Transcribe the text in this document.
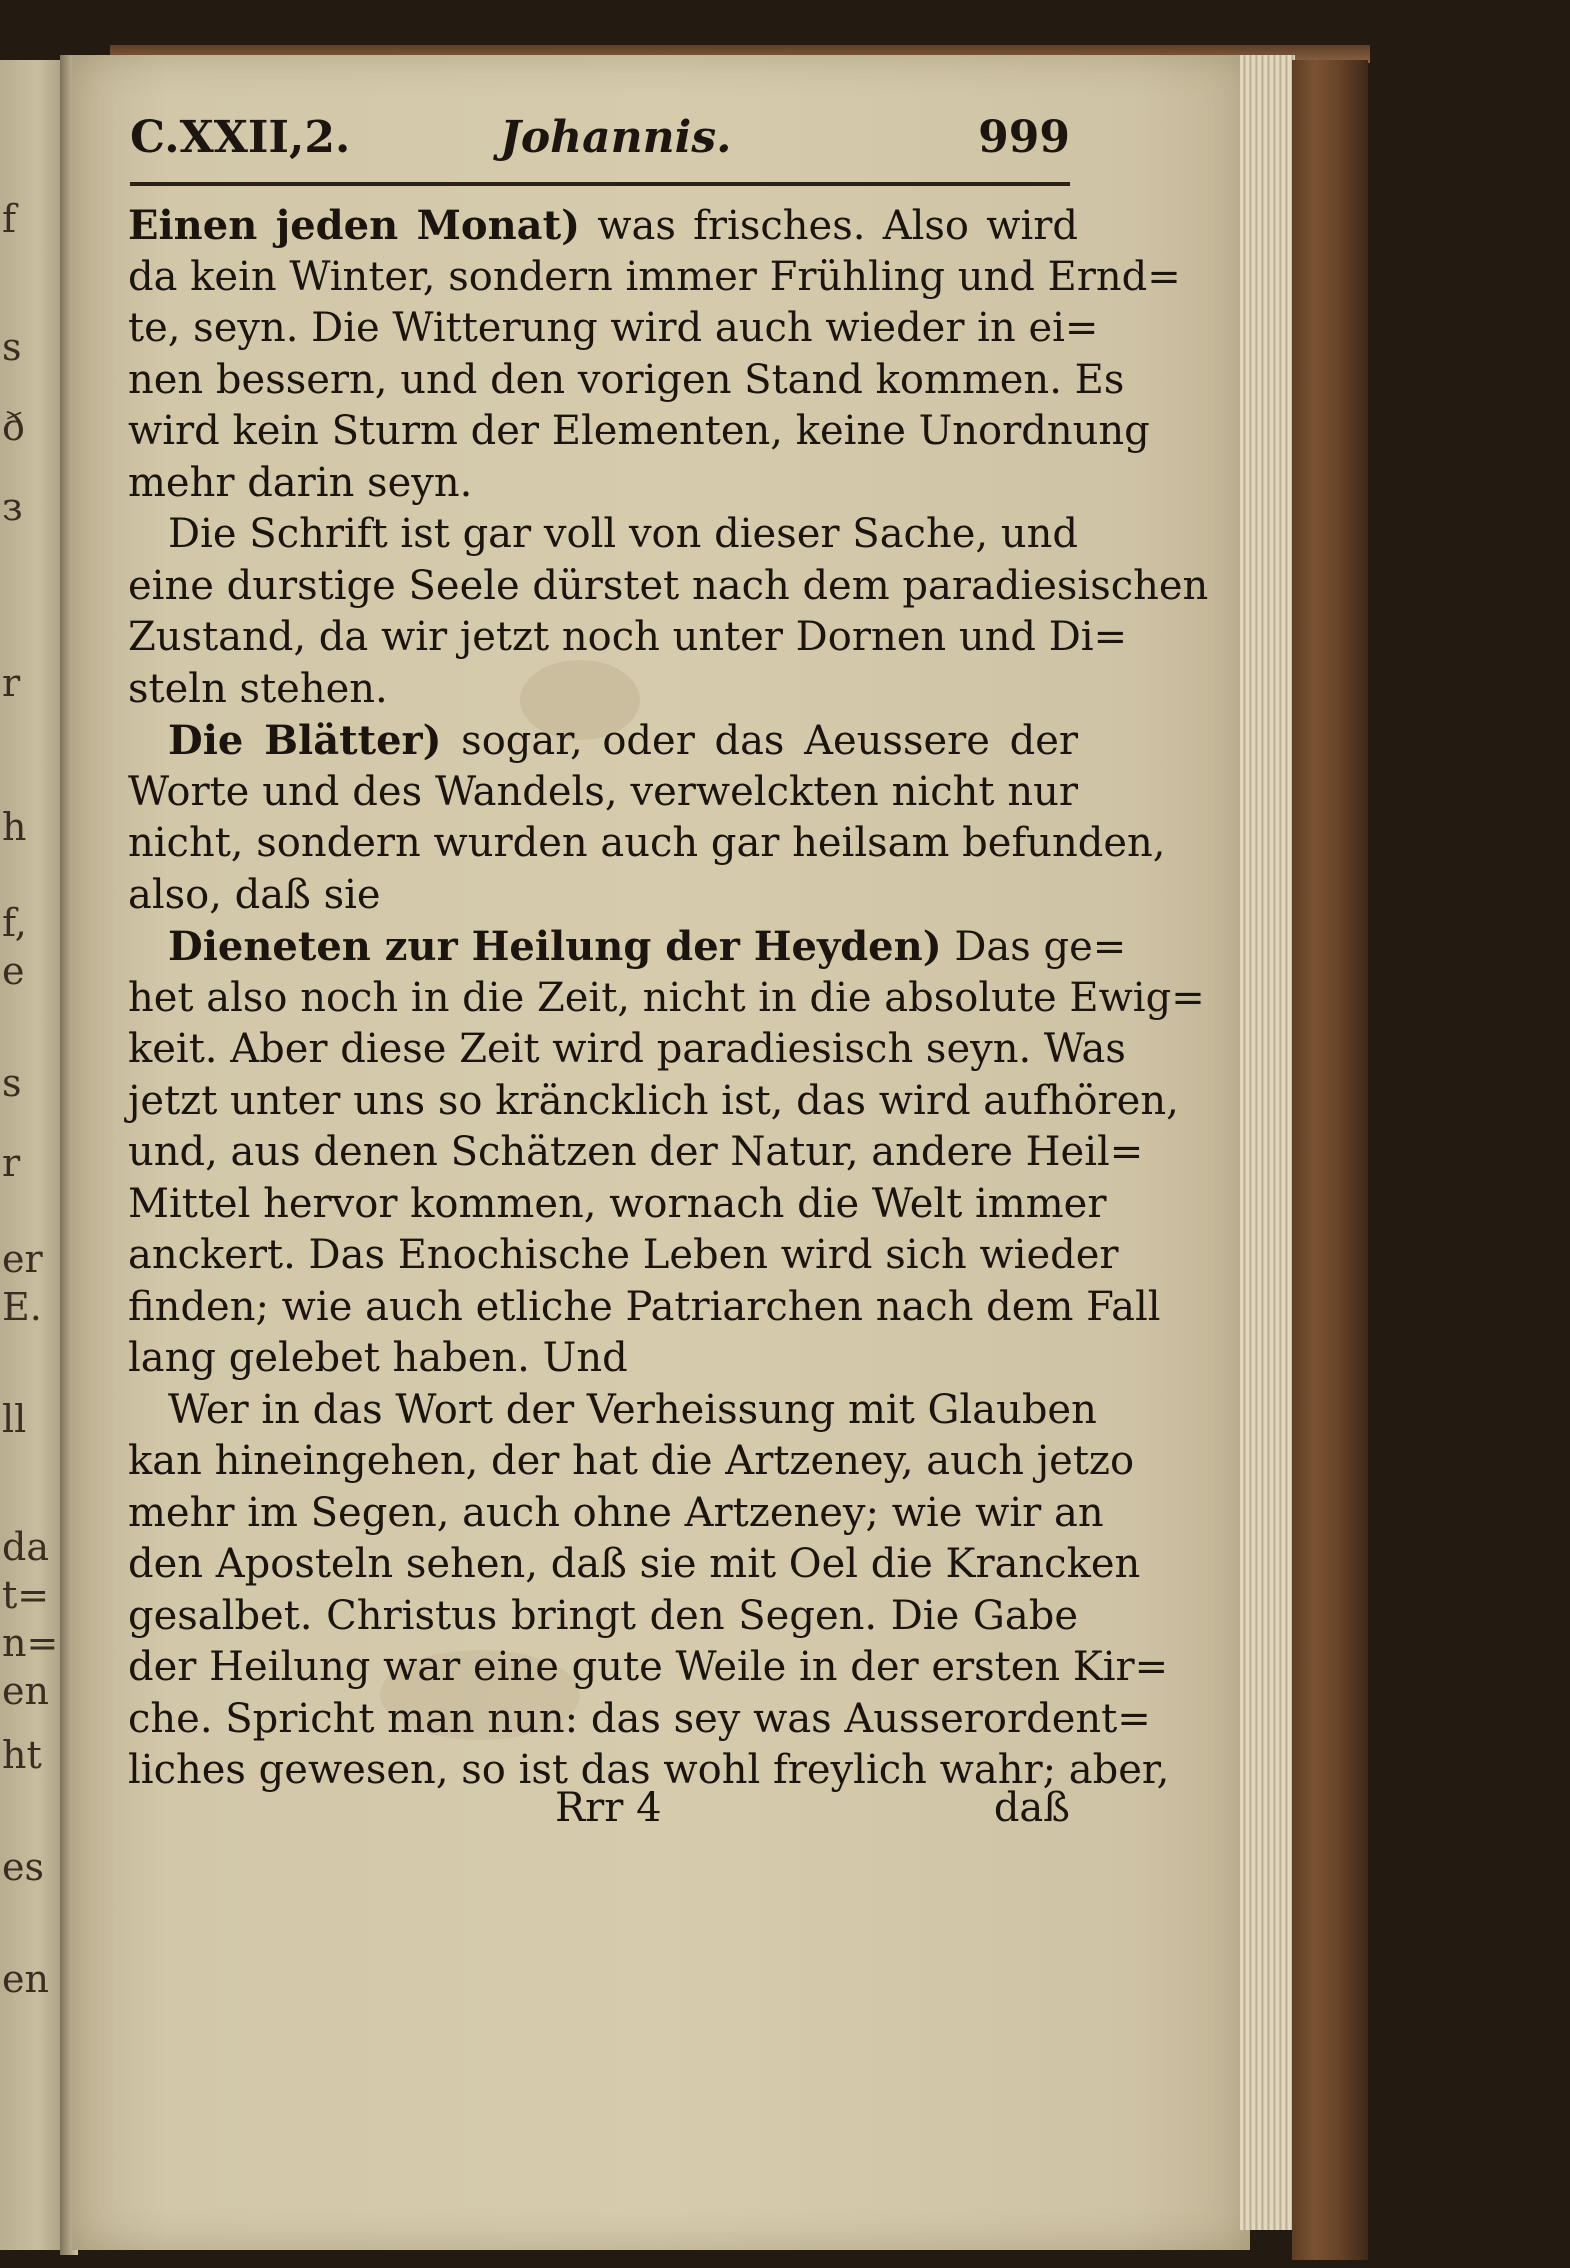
f
s
ð
з
r
h
f,
e
s
r
er
E.
ll
da
t=
n=
en
ht
es
en
C.XXII,2.	Johannis.	999
Einen jeden Monat) was frisches. Also wird
da kein Winter, sondern immer Frühling und Ernd=
te, seyn. Die Witterung wird auch wieder in ei=
nen bessern, und den vorigen Stand kommen. Es
wird kein Sturm der Elementen, keine Unordnung
mehr darin seyn.
Die Schrift ist gar voll von dieser Sache, und
eine durstige Seele dürstet nach dem paradiesischen
Zustand, da wir jetzt noch unter Dornen und Di=
steln stehen.
Die Blätter) sogar, oder das Aeussere der
Worte und des Wandels, verwelckten nicht nur
nicht, sondern wurden auch gar heilsam befunden,
also, daß sie
Dieneten zur Heilung der Heyden) Das ge=
het also noch in die Zeit, nicht in die absolute Ewig=
keit. Aber diese Zeit wird paradiesisch seyn. Was
jetzt unter uns so kräncklich ist, das wird aufhören,
und, aus denen Schätzen der Natur, andere Heil=
Mittel hervor kommen, wornach die Welt immer
anckert. Das Enochische Leben wird sich wieder
finden; wie auch etliche Patriarchen nach dem Fall
lang gelebet haben. Und
Wer in das Wort der Verheissung mit Glauben
kan hineingehen, der hat die Artzeney, auch jetzo
mehr im Segen, auch ohne Artzeney; wie wir an
den Aposteln sehen, daß sie mit Oel die Krancken
gesalbet. Christus bringt den Segen. Die Gabe
der Heilung war eine gute Weile in der ersten Kir=
che. Spricht man nun: das sey was Ausserordent=
liches gewesen, so ist das wohl freylich wahr; aber,
Rrr 4	daß
